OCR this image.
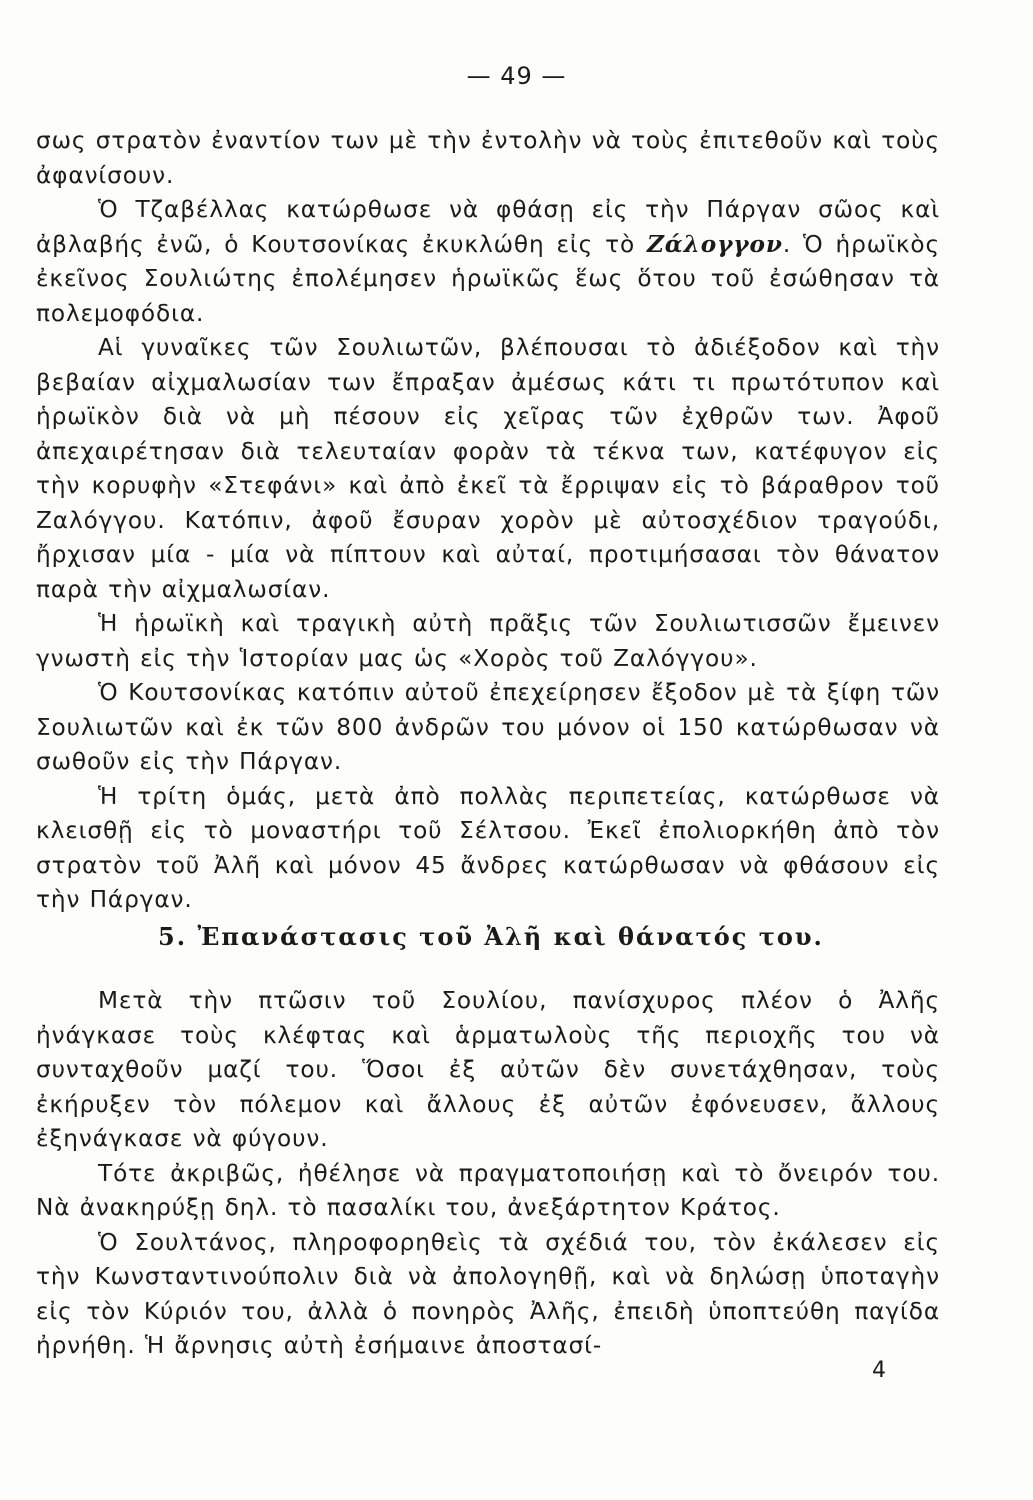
— 49 —

σως στρατὸν ἐναντίον των μὲ τὴν ἐντολὴν νὰ τοὺς ἐπιτεθοῦν καὶ τοὺς ἀφανίσουν.

Ὁ Τζαβέλλας κατώρθωσε νὰ φθάσῃ εἰς τὴν Πάργαν σῶος καὶ ἀβλαβής ἐνῶ, ὁ Κουτσονίκας ἐκυκλώθη εἰς τὸ Ζάλογγον. Ὁ ἡρωϊκὸς ἐκεῖνος Σουλιώτης ἐπολέμησεν ἡρωϊκῶς ἕως ὅτου τοῦ ἐσώθησαν τὰ πολεμοφόδια.

Αἱ γυναῖκες τῶν Σουλιωτῶν, βλέπουσαι τὸ ἀδιέξοδον καὶ τὴν βεβαίαν αἰχμαλωσίαν των ἔπραξαν ἀμέσως κάτι τι πρωτότυπον καὶ ἡρωϊκὸν διὰ νὰ μὴ πέσουν εἰς χεῖρας τῶν ἐχθρῶν των. Ἀφοῦ ἀπεχαιρέτησαν διὰ τελευταίαν φορὰν τὰ τέκνα των, κατέφυγον εἰς τὴν κορυφὴν «Στεφάνι» καὶ ἀπὸ ἐκεῖ τὰ ἔρριψαν εἰς τὸ βάραθρον τοῦ Ζαλόγγου. Κατόπιν, ἀφοῦ ἔσυραν χορὸν μὲ αὐτοσχέδιον τραγούδι, ἤρχισαν μία - μία νὰ πίπτουν καὶ αὐταί, προτιμήσασαι τὸν θάνατον παρὰ τὴν αἰχμαλωσίαν.

Ἡ ἡρωϊκὴ καὶ τραγικὴ αὐτὴ πρᾶξις τῶν Σουλιωτισσῶν ἔμεινεν γνωστὴ εἰς τὴν Ἱστορίαν μας ὡς «Χορὸς τοῦ Ζαλόγγου».

Ὁ Κουτσονίκας κατόπιν αὐτοῦ ἐπεχείρησεν ἔξοδον μὲ τὰ ξίφη τῶν Σουλιωτῶν καὶ ἐκ τῶν 800 ἀνδρῶν του μόνον οἱ 150 κατώρθωσαν νὰ σωθοῦν εἰς τὴν Πάργαν.

Ἡ τρίτη ὁμάς, μετὰ ἀπὸ πολλὰς περιπετείας, κατώρθωσε νὰ κλεισθῇ εἰς τὸ μοναστήρι τοῦ Σέλτσου. Ἐκεῖ ἐπολιορκήθη ἀπὸ τὸν στρατὸν τοῦ Ἀλῆ καὶ μόνον 45 ἄνδρες κατώρθωσαν νὰ φθάσουν εἰς τὴν Πάργαν.

5. Ἐπανάστασις τοῦ Ἀλῆ καὶ θάνατός του.

Μετὰ τὴν πτῶσιν τοῦ Σουλίου, πανίσχυρος πλέον ὁ Ἀλῆς ἠνάγκασε τοὺς κλέφτας καὶ ἁρματωλοὺς τῆς περιοχῆς του νὰ συνταχθοῦν μαζί του. Ὅσοι ἐξ αὐτῶν δὲν συνετάχθησαν, τοὺς ἐκήρυξεν τὸν πόλεμον καὶ ἄλλους ἐξ αὐτῶν ἐφόνευσεν, ἄλλους ἐξηνάγκασε νὰ φύγουν.

Τότε ἀκριβῶς, ἠθέλησε νὰ πραγματοποιήσῃ καὶ τὸ ὄνειρόν του. Νὰ ἀνακηρύξῃ δηλ. τὸ πασαλίκι του, ἀνεξάρτητον Κράτος.

Ὁ Σουλτάνος, πληροφορηθεὶς τὰ σχέδιά του, τὸν ἐκάλεσεν εἰς τὴν Κωνσταντινούπολιν διὰ νὰ ἀπολογηθῇ, καὶ νὰ δηλώσῃ ὑποταγὴν εἰς τὸν Κύριόν του, ἀλλὰ ὁ πονηρὸς Ἀλῆς, ἐπειδὴ ὑποπτεύθη παγίδα ἠρνήθη. Ἡ ἄρνησις αὐτὴ ἐσήμαινε ἀποστασί-

4
